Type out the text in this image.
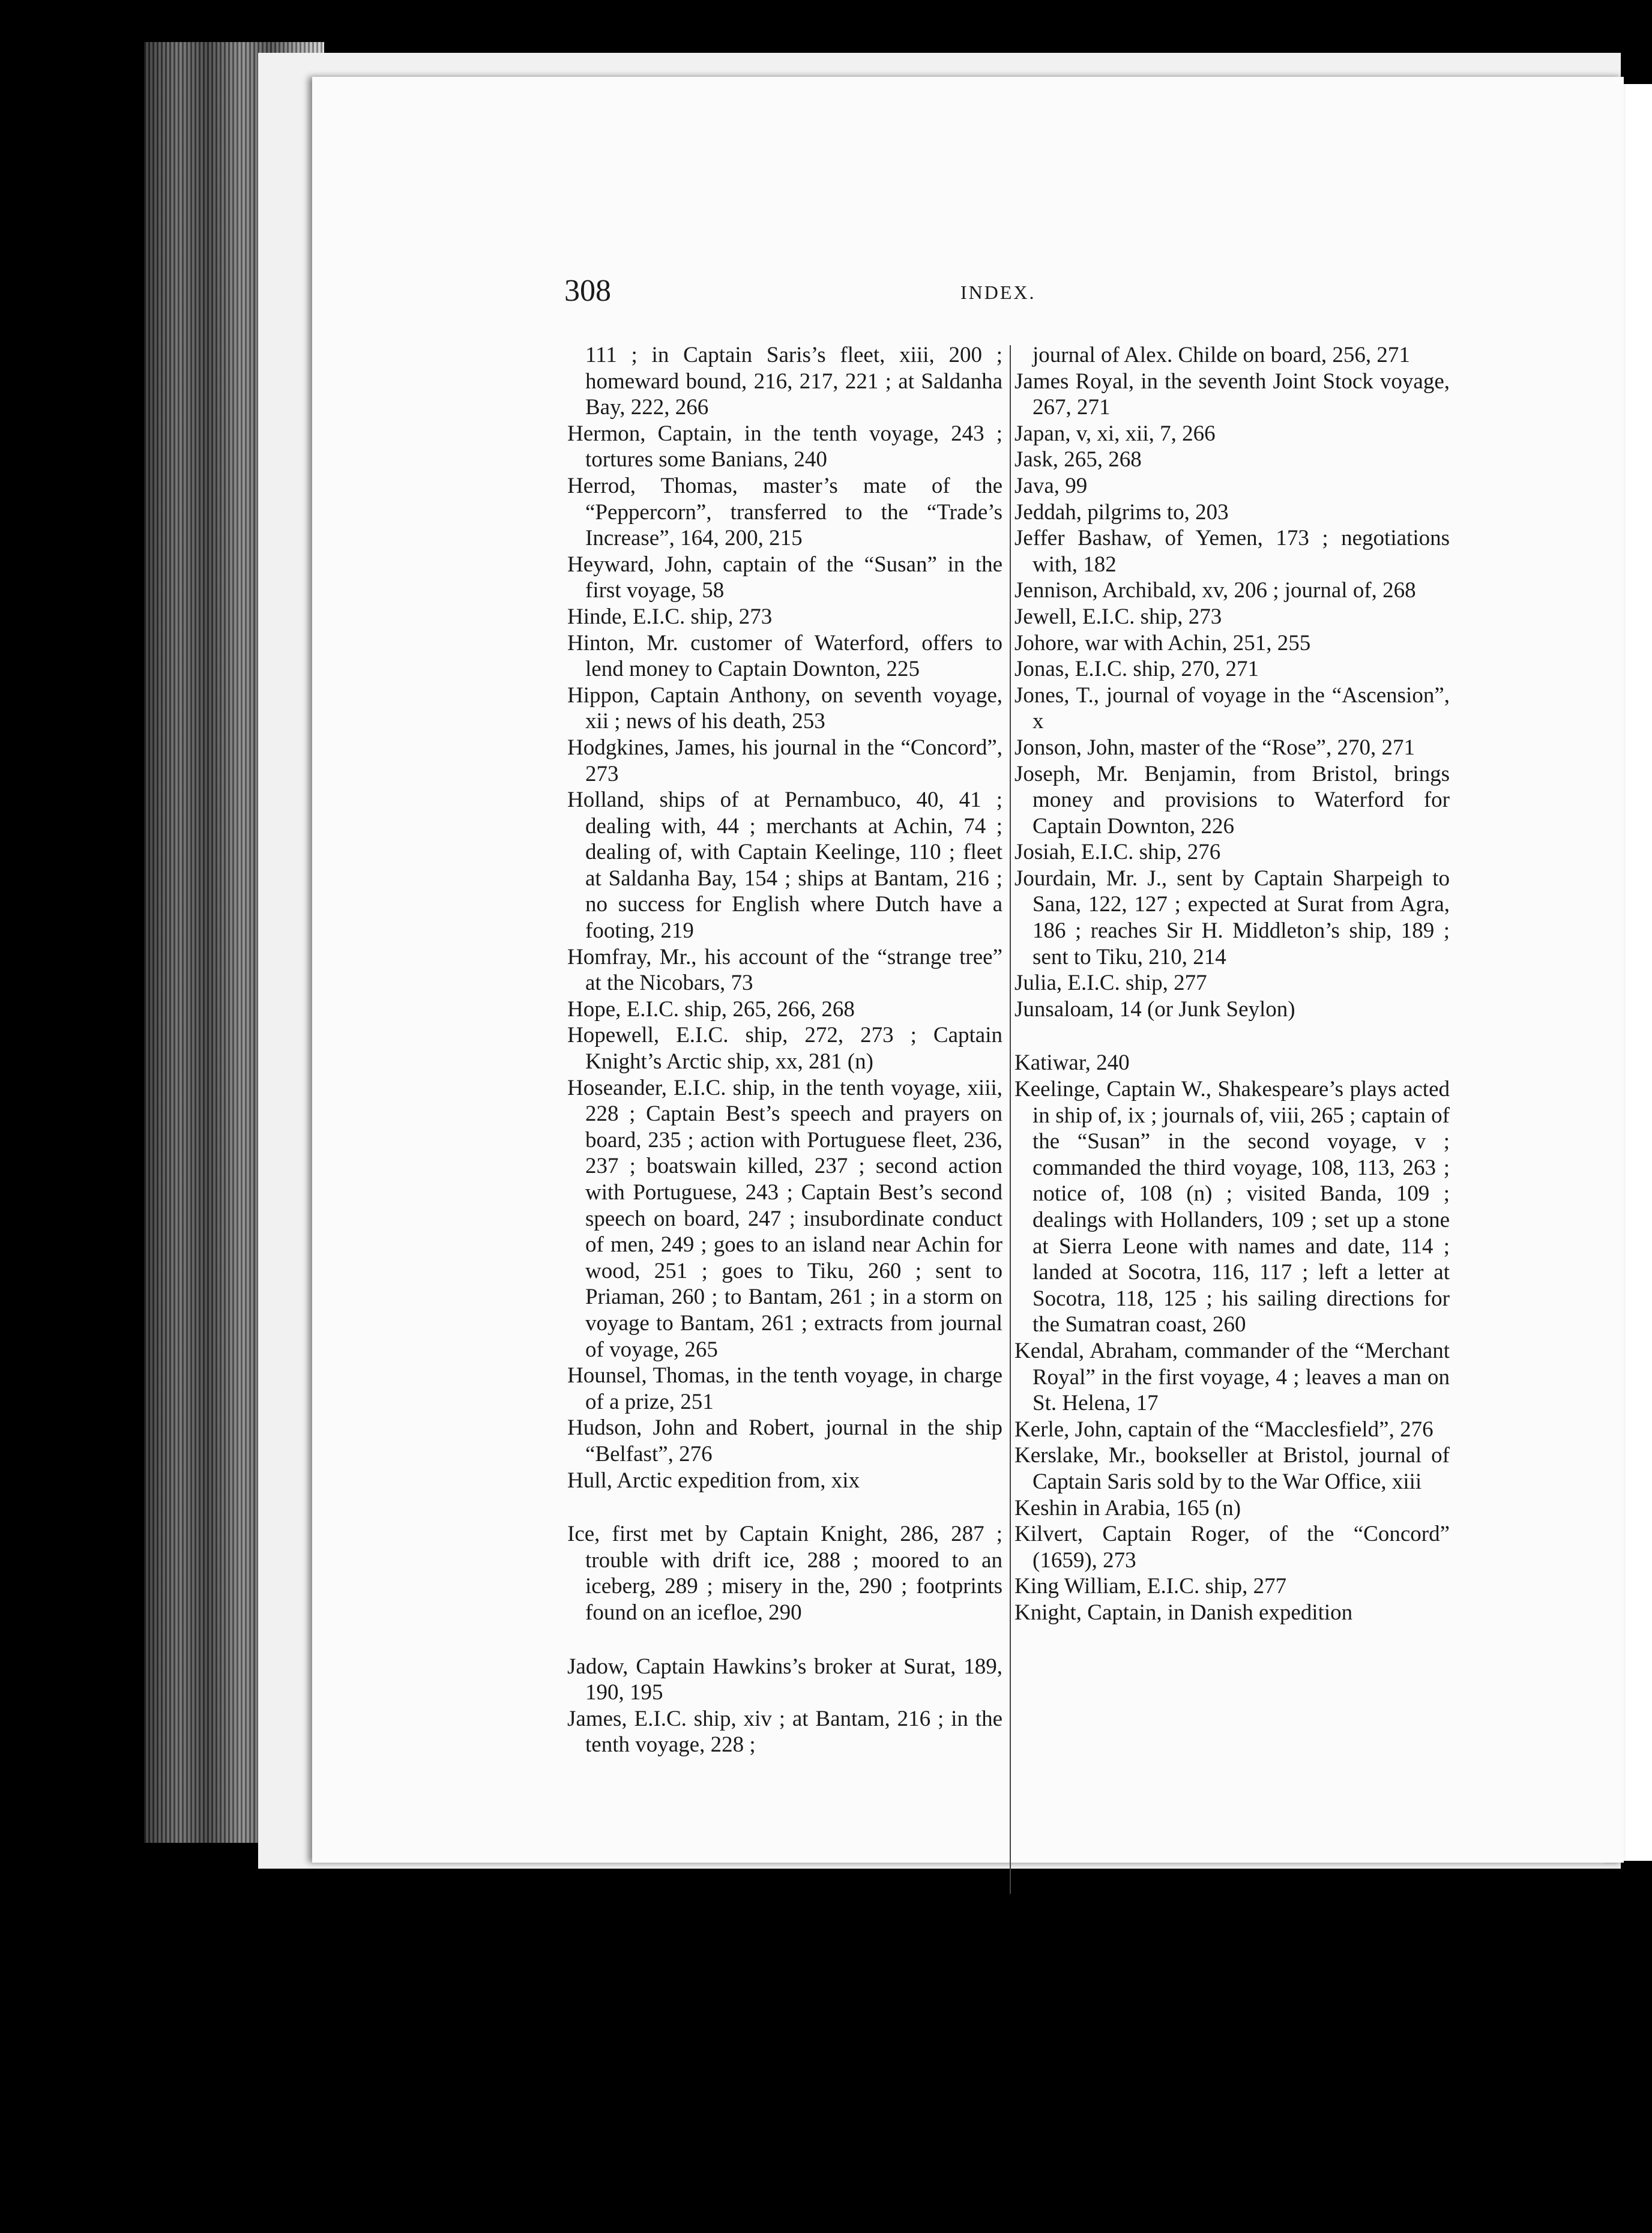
308	INDEX.

111 ; in Captain Saris’s fleet, xiii, 200 ; homeward bound, 216, 217, 221 ; at Saldanha Bay, 222, 266

Hermon, Captain, in the tenth voyage, 243 ; tortures some Banians, 240

Herrod, Thomas, master’s mate of the “Peppercorn”, transferred to the “Trade’s Increase”, 164, 200, 215

Heyward, John, captain of the “Susan” in the first voyage, 58

Hinde, E.I.C. ship, 273

Hinton, Mr. customer of Waterford, offers to lend money to Captain Downton, 225

Hippon, Captain Anthony, on seventh voyage, xii ; news of his death, 253

Hodgkines, James, his journal in the “Concord”, 273

Holland, ships of at Pernambuco, 40, 41 ; dealing with, 44 ; merchants at Achin, 74 ; dealing of, with Captain Keelinge, 110 ; fleet at Saldanha Bay, 154 ; ships at Bantam, 216 ; no success for English where Dutch have a footing, 219

Homfray, Mr., his account of the “strange tree” at the Nicobars, 73

Hope, E.I.C. ship, 265, 266, 268

Hopewell, E.I.C. ship, 272, 273 ; Captain Knight’s Arctic ship, xx, 281 (n)

Hoseander, E.I.C. ship, in the tenth voyage, xiii, 228 ; Captain Best’s speech and prayers on board, 235 ; action with Portuguese fleet, 236, 237 ; boatswain killed, 237 ; second action with Portuguese, 243 ; Captain Best’s second speech on board, 247 ; insubordinate conduct of men, 249 ; goes to an island near Achin for wood, 251 ; goes to Tiku, 260 ; sent to Priaman, 260 ; to Bantam, 261 ; in a storm on voyage to Bantam, 261 ; extracts from journal of voyage, 265

Hounsel, Thomas, in the tenth voyage, in charge of a prize, 251

Hudson, John and Robert, journal in the ship “Belfast”, 276

Hull, Arctic expedition from, xix

Ice, first met by Captain Knight, 286, 287 ; trouble with drift ice, 288 ; moored to an iceberg, 289 ; misery in the, 290 ; footprints found on an icefloe, 290

Jadow, Captain Hawkins’s broker at Surat, 189, 190, 195

James, E.I.C. ship, xiv ; at Bantam, 216 ; in the tenth voyage, 228 ;

journal of Alex. Childe on board, 256, 271

James Royal, in the seventh Joint Stock voyage, 267, 271

Japan, v, xi, xii, 7, 266

Jask, 265, 268

Java, 99

Jeddah, pilgrims to, 203

Jeffer Bashaw, of Yemen, 173 ; negotiations with, 182

Jennison, Archibald, xv, 206 ; journal of, 268

Jewell, E.I.C. ship, 273

Johore, war with Achin, 251, 255

Jonas, E.I.C. ship, 270, 271

Jones, T., journal of voyage in the “Ascension”, x

Jonson, John, master of the “Rose”, 270, 271

Joseph, Mr. Benjamin, from Bristol, brings money and provisions to Waterford for Captain Downton, 226

Josiah, E.I.C. ship, 276

Jourdain, Mr. J., sent by Captain Sharpeigh to Sana, 122, 127 ; expected at Surat from Agra, 186 ; reaches Sir H. Middleton’s ship, 189 ; sent to Tiku, 210, 214

Julia, E.I.C. ship, 277

Junsaloam, 14 (or Junk Seylon)

Katiwar, 240

Keelinge, Captain W., Shakespeare’s plays acted in ship of, ix ; journals of, viii, 265 ; captain of the “Susan” in the second voyage, v ; commanded the third voyage, 108, 113, 263 ; notice of, 108 (n) ; visited Banda, 109 ; dealings with Hollanders, 109 ; set up a stone at Sierra Leone with names and date, 114 ; landed at Socotra, 116, 117 ; left a letter at Socotra, 118, 125 ; his sailing directions for the Sumatran coast, 260

Kendal, Abraham, commander of the “Merchant Royal” in the first voyage, 4 ; leaves a man on St. Helena, 17

Kerle, John, captain of the “Macclesfield”, 276

Kerslake, Mr., bookseller at Bristol, journal of Captain Saris sold by to the War Office, xiii

Keshin in Arabia, 165 (n)

Kilvert, Captain Roger, of the “Concord” (1659), 273

King William, E.I.C. ship, 277

Knight, Captain, in Danish expedition
